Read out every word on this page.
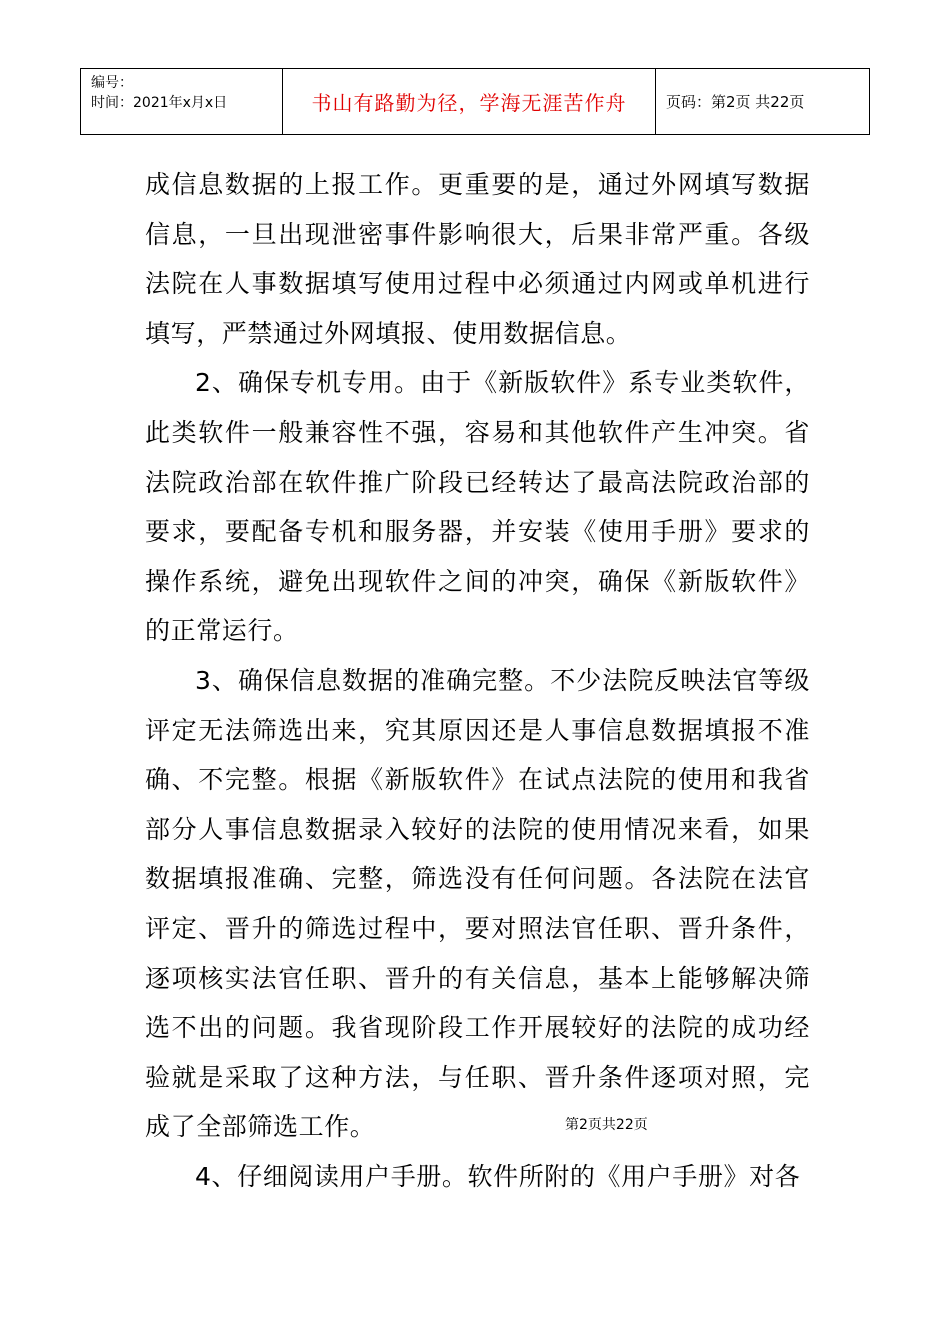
编号：
时间：2021年x月x日	书山有路勤为径，学海无涯苦作舟	页码：第2页 共22页

成信息数据的上报工作。更重要的是，通过外网填写数据信息，一旦出现泄密事件影响很大，后果非常严重。各级法院在人事数据填写使用过程中必须通过内网或单机进行填写，严禁通过外网填报、使用数据信息。

2、确保专机专用。由于《新版软件》系专业类软件，此类软件一般兼容性不强，容易和其他软件产生冲突。省法院政治部在软件推广阶段已经转达了最高法院政治部的要求，要配备专机和服务器，并安装《使用手册》要求的操作系统，避免出现软件之间的冲突，确保《新版软件》的正常运行。

3、确保信息数据的准确完整。不少法院反映法官等级评定无法筛选出来，究其原因还是人事信息数据填报不准确、不完整。根据《新版软件》在试点法院的使用和我省部分人事信息数据录入较好的法院的使用情况来看，如果数据填报准确、完整，筛选没有任何问题。各法院在法官评定、晋升的筛选过程中，要对照法官任职、晋升条件，逐项核实法官任职、晋升的有关信息，基本上能够解决筛选不出的问题。我省现阶段工作开展较好的法院的成功经验就是采取了这种方法，与任职、晋升条件逐项对照，完成了全部筛选工作。

4、仔细阅读用户手册。软件所附的《用户手册》对各

第2页共22页
